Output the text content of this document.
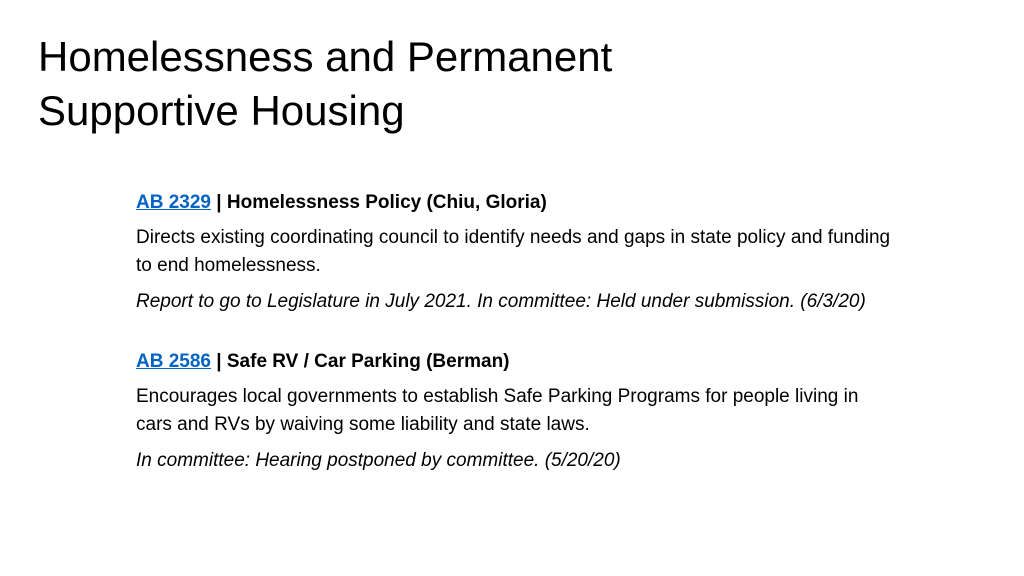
Homelessness and Permanent
Supportive Housing

AB 2329 | Homelessness Policy (Chiu, Gloria)

Directs existing coordinating council to identify needs and gaps in state policy and funding to end homelessness.

Report to go to Legislature in July 2021. In committee: Held under submission. (6/3/20)

AB 2586 | Safe RV / Car Parking (Berman)

Encourages local governments to establish Safe Parking Programs for people living in cars and RVs by waiving some liability and state laws.

In committee: Hearing postponed by committee. (5/20/20)
